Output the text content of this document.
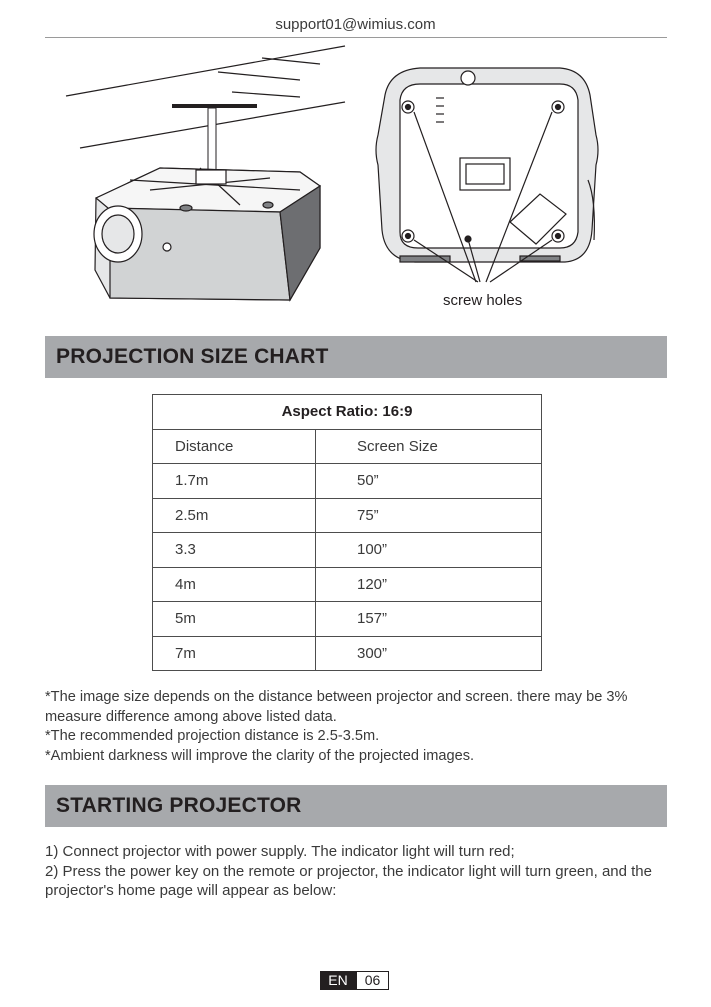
support01@wimius.com
screw holes
PROJECTION SIZE CHART
Aspect Ratio: 16:9	
Distance	Screen Size
1.7m	50”
2.5m	75”
3.3	100”
4m	120”
5m	157”
7m	300”

*The image size depends on the distance between projector and screen. there may be 3% measure difference among above listed data.

*The recommended projection distance is 2.5-3.5m.

*Ambient darkness will improve the clarity of the projected images.

STARTING PROJECTOR

1) Connect projector with power supply. The indicator light will turn red;

2) Press the power key on the remote or projector, the indicator light will turn green, and the projector's home page will appear as below:

EN	06
